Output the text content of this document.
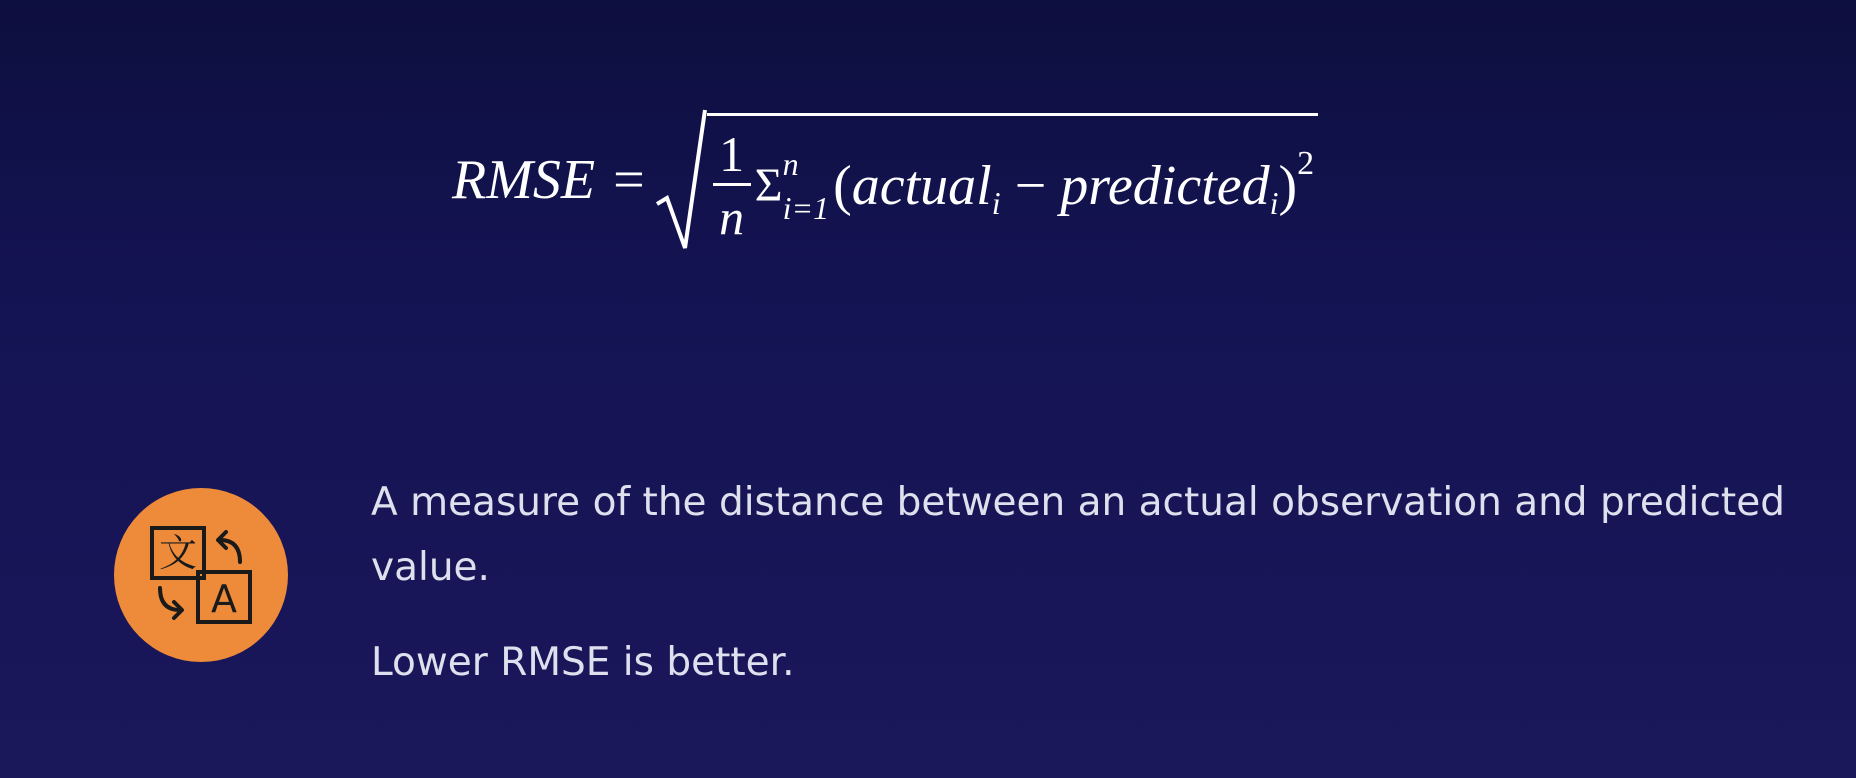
RMSE = $\frac{1}{n}$ Σ n
i=1 ( actual i − predicted i ) 2
文
A

A measure of the distance between an actual observation and predicted value.

Lower RMSE is better.
